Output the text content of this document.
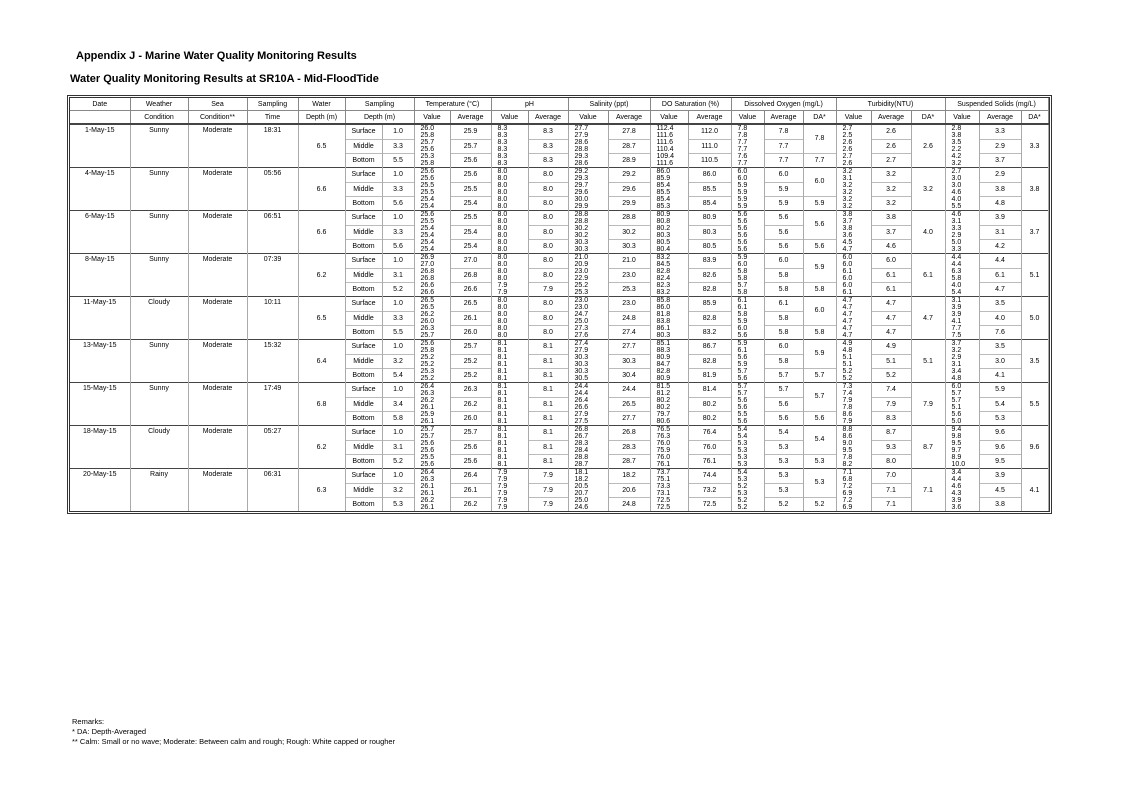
Appendix J - Marine Water Quality Monitoring Results
Water Quality Monitoring Results at SR10A - Mid-FloodTide
Date	Weather	Sea	Sampling	Water	Sampling		Temperature (°C)		pH		Salinity (ppt)		DO Saturation (%)		Dissolved Oxygen (mg/L)			Turbidity(NTU)			Suspended Solids (mg/L)		
	Condition	Condition**	Time	Depth (m)	Depth (m)		Value	Average	Value	Average	Value	Average	Value	Average	Value	Average	DA*	Value	Average	DA*	Value	Average	DA*
1-May-15	Sunny	Moderate	18:31	6.5	Surface	1.0	26.0	25.9	8.3	8.3	27.7	27.8	112.4	112.0	7.8	7.8	7.8	2.7	2.6	2.6	2.8	3.3	3.3
							25.8		8.3		27.9		111.6		7.8			2.5			3.8		
					Middle	3.3	25.7	25.7	8.3	8.3	28.6	28.7	111.6	111.0	7.7	7.7		2.6	2.6		3.5	2.9	
							25.6		8.3		28.8		110.4		7.7			2.6			2.2		
					Bottom	5.5	25.3	25.6	8.3	8.3	29.3	28.9	109.4	110.5	7.6	7.7	7.7	2.7	2.7		4.2	3.7	
							25.8		8.3		28.6		111.6		7.7			2.6			3.2		
4-May-15	Sunny	Moderate	05:56	6.6	Surface	1.0	25.6	25.6	8.0	8.0	29.2	29.2	86.0	86.0	6.0	6.0	6.0	3.2	3.2	3.2	2.7	2.9	3.8
							25.6		8.0		29.3		85.9		6.0			3.1			3.0		
					Middle	3.3	25.5	25.5	8.0	8.0	29.7	29.6	85.4	85.5	5.9	5.9		3.2	3.2		3.0	3.8	
							25.5		8.0		29.6		85.5		5.9			3.2			4.6		
					Bottom	5.6	25.4	25.4	8.0	8.0	30.0	29.9	85.4	85.4	5.9	5.9	5.9	3.2	3.2		4.0	4.8	
							25.4		8.0		29.9		85.3		5.9			3.2			5.5		
6-May-15	Sunny	Moderate	06:51	6.6	Surface	1.0	25.6	25.5	8.0	8.0	28.8	28.8	80.9	80.9	5.6	5.6	5.6	3.8	3.8	4.0	4.6	3.9	3.7
							25.5		8.0		28.8		80.8		5.6			3.7			3.1		
					Middle	3.3	25.4	25.4	8.0	8.0	30.2	30.2	80.2	80.3	5.6	5.6		3.8	3.7		3.3	3.1	
							25.4		8.0		30.2		80.3		5.6			3.6			2.9		
					Bottom	5.6	25.4	25.4	8.0	8.0	30.3	30.3	80.5	80.5	5.6	5.6	5.6	4.5	4.6		5.0	4.2	
							25.4		8.0		30.3		80.4		5.6			4.7			3.3		
8-May-15	Sunny	Moderate	07:39	6.2	Surface	1.0	26.9	27.0	8.0	8.0	21.0	21.0	83.2	83.9	5.9	6.0	5.9	6.0	6.0	6.1	4.4	4.4	5.1
							27.0		8.0		20.9		84.5		6.0			6.0			4.4		
					Middle	3.1	26.8	26.8	8.0	8.0	23.0	23.0	82.8	82.6	5.8	5.8		6.1	6.1		6.3	6.1	
							26.8		8.0		22.9		82.4		5.8			6.0			5.8		
					Bottom	5.2	26.6	26.6	7.9	7.9	25.2	25.3	82.3	82.8	5.7	5.8	5.8	6.0	6.1		4.0	4.7	
							26.6		7.9		25.3		83.2		5.8			6.1			5.4		
11-May-15	Cloudy	Moderate	10:11	6.5	Surface	1.0	26.5	26.5	8.0	8.0	23.0	23.0	85.8	85.9	6.1	6.1	6.0	4.7	4.7	4.7	3.1	3.5	5.0
							26.5		8.0		23.0		86.0		6.1			4.7			3.9		
					Middle	3.3	26.2	26.1	8.0	8.0	24.7	24.8	81.8	82.8	5.8	5.8		4.7	4.7		3.9	4.0	
							26.0		8.0		25.0		83.8		5.9			4.7			4.1		
					Bottom	5.5	26.3	26.0	8.0	8.0	27.3	27.4	86.1	83.2	6.0	5.8	5.8	4.7	4.7		7.7	7.6	
							25.7		8.0		27.6		80.3		5.6			4.7			7.5		
13-May-15	Sunny	Moderate	15:32	6.4	Surface	1.0	25.6	25.7	8.1	8.1	27.4	27.7	85.1	86.7	5.9	6.0	5.9	4.9	4.9	5.1	3.7	3.5	3.5
							25.8		8.1		27.9		88.3		6.1			4.8			3.2		
					Middle	3.2	25.2	25.2	8.1	8.1	30.3	30.3	80.9	82.8	5.6	5.8		5.1	5.1		2.9	3.0	
							25.2		8.1		30.3		84.7		5.9			5.1			3.1		
					Bottom	5.4	25.3	25.2	8.1	8.1	30.3	30.4	82.8	81.9	5.7	5.7	5.7	5.2	5.2		3.4	4.1	
							25.2		8.1		30.5		80.9		5.6			5.2			4.8		
15-May-15	Sunny	Moderate	17:49	6.8	Surface	1.0	26.4	26.3	8.1	8.1	24.4	24.4	81.5	81.4	5.7	5.7	5.7	7.3	7.4	7.9	6.0	5.9	5.5
							26.3		8.1		24.4		81.2		5.7			7.4			5.7		
					Middle	3.4	26.2	26.2	8.1	8.1	26.4	26.5	80.2	80.2	5.6	5.6		7.9	7.9		5.7	5.4	
							26.1		8.1		26.6		80.2		5.6			7.8			5.1		
					Bottom	5.8	25.9	26.0	8.1	8.1	27.9	27.7	79.7	80.2	5.5	5.6	5.6	8.6	8.3		5.6	5.3	
							26.1		8.1		27.5		80.6		5.6			7.9			5.0		
18-May-15	Cloudy	Moderate	05:27	6.2	Surface	1.0	25.7	25.7	8.1	8.1	26.8	26.8	76.5	76.4	5.4	5.4	5.4	8.8	8.7	8.7	9.4	9.6	9.6
							25.7		8.1		26.7		76.3		5.4			8.6			9.8		
					Middle	3.1	25.6	25.6	8.1	8.1	28.3	28.3	76.0	76.0	5.3	5.3		9.0	9.3		9.5	9.6	
							25.6		8.1		28.4		75.9		5.3			9.5			9.7		
					Bottom	5.2	25.5	25.6	8.1	8.1	28.8	28.7	76.0	76.1	5.3	5.3	5.3	7.8	8.0		8.9	9.5	
							25.6		8.1		28.7		76.1		5.3			8.2			10.0		
20-May-15	Rainy	Moderate	06:31	6.3	Surface	1.0	26.4	26.4	7.9	7.9	18.1	18.2	73.7	74.4	5.4	5.3	5.3	7.1	7.0	7.1	3.4	3.9	4.1
							26.3		7.9		18.2		75.1		5.3			6.8			4.4		
					Middle	3.2	26.1	26.1	7.9	7.9	20.5	20.6	73.3	73.2	5.2	5.3		7.2	7.1		4.6	4.5	
							26.1		7.9		20.7		73.1		5.3			6.9			4.3		
					Bottom	5.3	26.2	26.2	7.9	7.9	25.0	24.8	72.5	72.5	5.2	5.2	5.2	7.2	7.1		3.9	3.8	
							26.1		7.9		24.6		72.5		5.2			6.9			3.6		
Remarks:
* DA: Depth-Averaged
** Calm: Small or no wave; Moderate: Between calm and rough; Rough: White capped or rougher
